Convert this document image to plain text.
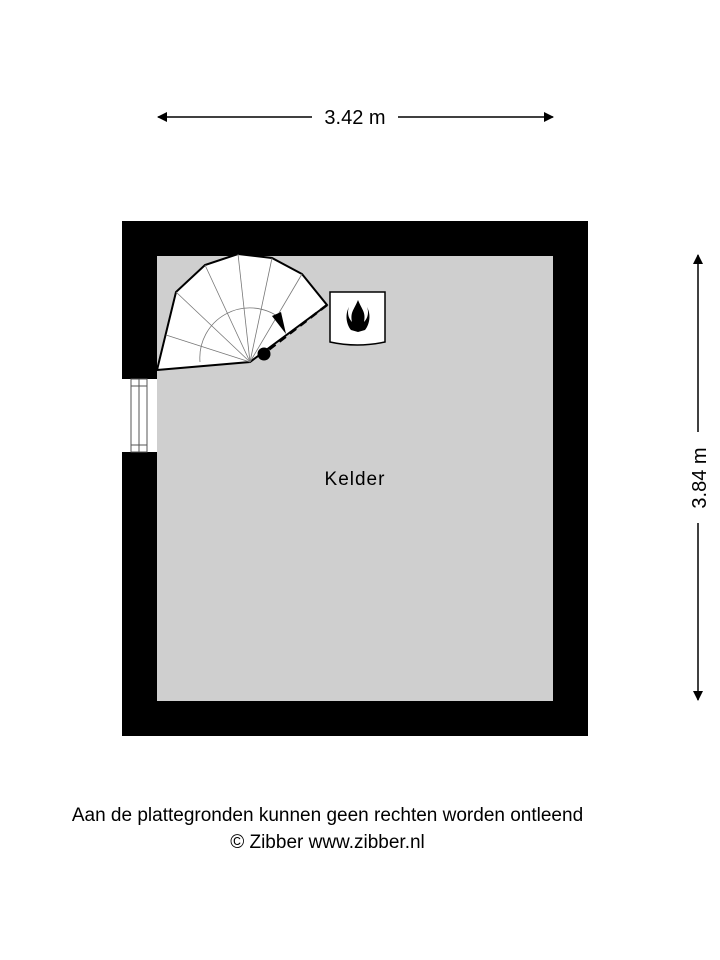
3.42 m
3.84 m
Kelder
Aan de plattegronden kunnen geen rechten worden ontleend
© Zibber www.zibber.nl
